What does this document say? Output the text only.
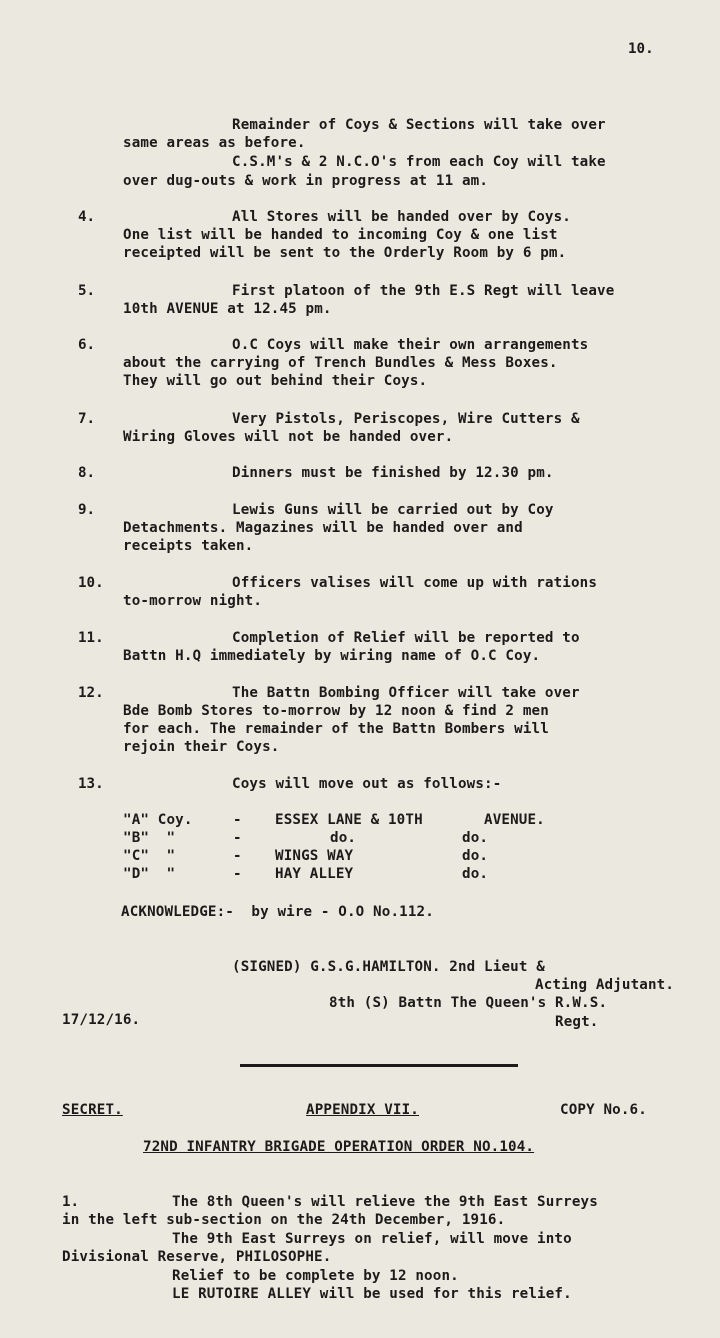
10.
Remainder of Coys & Sections will take over
same areas as before.
C.S.M's & 2 N.C.O's from each Coy will take
over dug-outs & work in progress at 11 am.
4.	All Stores will be handed over by Coys.
One list will be handed to incoming Coy & one list
receipted will be sent to the Orderly Room by 6 pm.
5.	First platoon of the 9th E.S Regt will leave
10th AVENUE at 12.45 pm.
6.	O.C Coys will make their own arrangements
about the carrying of Trench Bundles & Mess Boxes.
They will go out behind their Coys.
7.	Very Pistols, Periscopes, Wire Cutters &
Wiring Gloves will not be handed over.
8.	Dinners must be finished by 12.30 pm.
9.	Lewis Guns will be carried out by Coy
Detachments. Magazines will be handed over and
receipts taken.
10.	Officers valises will come up with rations
to-morrow night.
11.	Completion of Relief will be reported to
Battn H.Q immediately by wiring name of O.C Coy.
12.	The Battn Bombing Officer will take over
Bde Bomb Stores to-morrow by 12 noon & find 2 men
for each. The remainder of the Battn Bombers will
rejoin their Coys.
13.	Coys will move out as follows:-
"A" Coy.	- ESSEX LANE & 10TH	AVENUE.
"B"  "	-	do.	do.
"C"  "	- WINGS WAY	do.
"D"  "	- HAY ALLEY	do.
ACKNOWLEDGE:-  by wire - O.O No.112.
(SIGNED) G.S.G.HAMILTON. 2nd Lieut &
Acting Adjutant.
8th (S) Battn The Queen's R.W.S.
Regt.
17/12/16.
SECRET.	APPENDIX VII.	COPY No.6.
72ND INFANTRY BRIGADE OPERATION ORDER NO.104.
1.	The 8th Queen's will relieve the 9th East Surreys
in the left sub-section on the 24th December, 1916.
The 9th East Surreys on relief, will move into
Divisional Reserve, PHILOSOPHE.
Relief to be complete by 12 noon.
LE RUTOIRE ALLEY will be used for this relief.
